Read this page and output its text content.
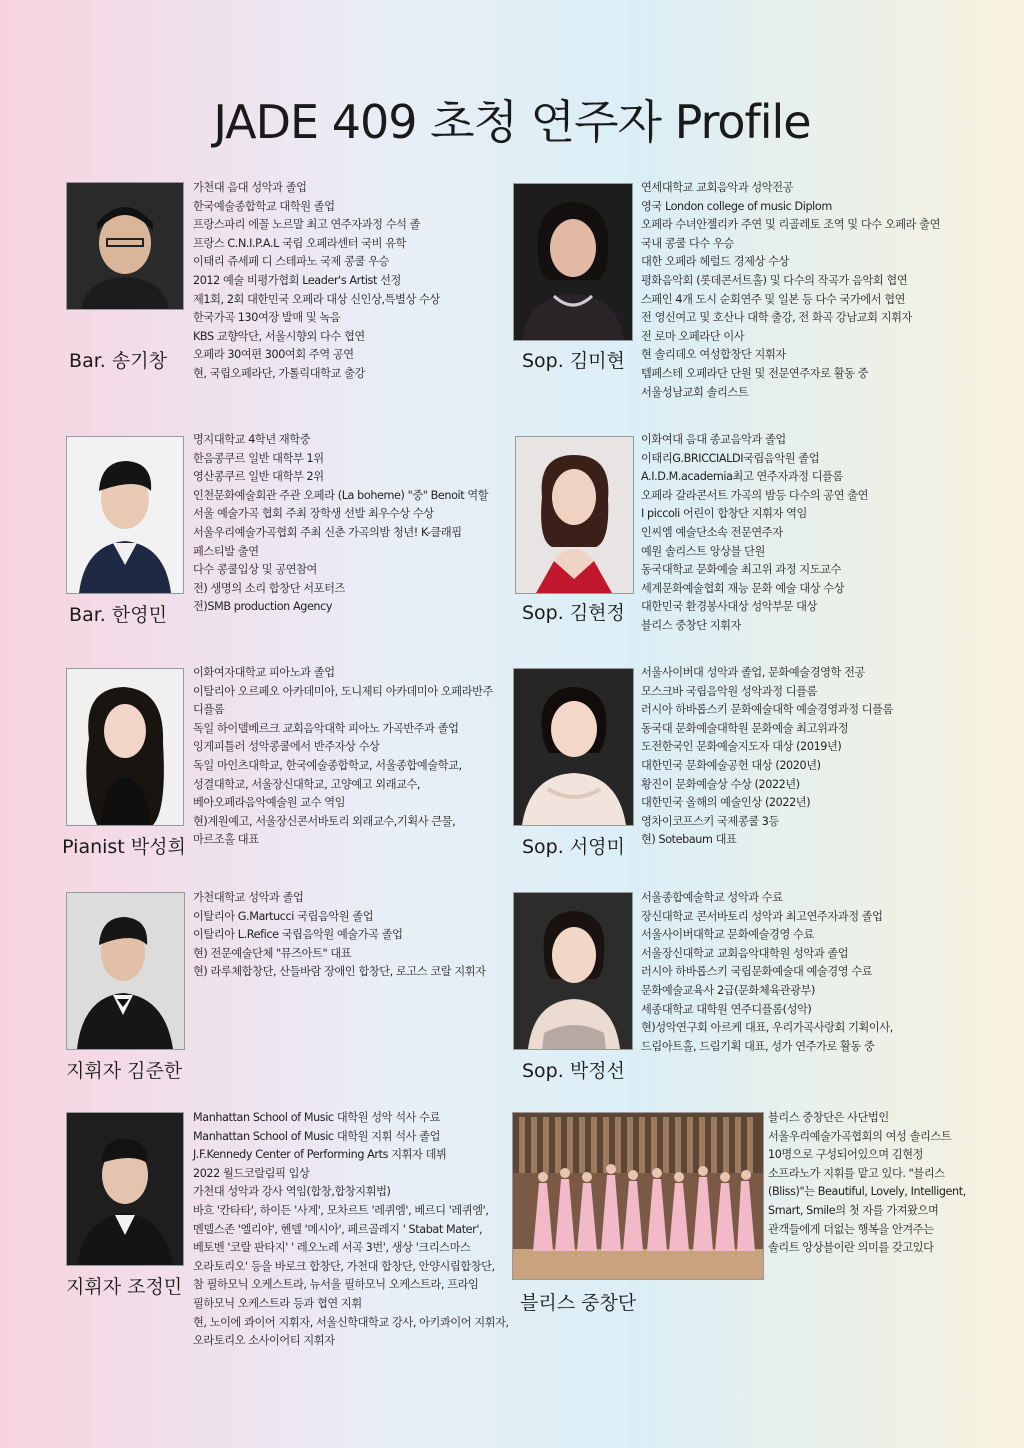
JADE 409 초청 연주자 Profile
Bar. 송기창
가천대 음대 성악과 졸업
한국예술종합학교 대학원 졸업
프랑스파리 에꼴 노르말 최고 연주자과정 수석 졸
프랑스 C.N.I.P.A.L 국립 오페라센터 국비 유학
이태리 쥬세페 디 스테파노 국제 콩쿨 우승
2012 예술 비평가협회 Leader's Artist 선정
제1회, 2회 대한민국 오페라 대상 신인상,특별상 수상
한국가곡 130여장 발매 및 녹음
KBS 교향악단, 서울시향외 다수 협연
오페라 30여편 300여회 주역 공연
현, 국립오페라단, 가톨릭대학교 출강
Sop. 김미현
연세대학교 교회음악과 성악전공
영국 London college of music Diplom
오페라 수녀안젤리카 주연 및 리골레토 조역 및 다수 오페라 출연
국내 콩쿨 다수 우승
대한 오페라 헤럴드 경제상 수상
평화음악회 (롯데콘서트홀) 및 다수의 작곡가 음악회 협연
스페인 4개 도시 순회연주 및 일본 등 다수 국가에서 협연
전 영신여고 및 호산나 대학 출강, 전 화곡 강남교회 지휘자
전 로마 오페라단 이사
현 솔리데오 여성합창단 지휘자
템페스테 오페라단 단원 및 전문연주자로 활동 중
서울성남교회 솔리스트
Bar. 한영민
명지대학교 4학년 재학중
한음콩쿠르 일반 대학부 1위
영산콩쿠르 일반 대학부 2위
인천문화예술회관 주관 오페라 (La boheme) "중" Benoit 역할
서울 예술가곡 협회 주최 장학생 선발 최우수상 수상
서울우리예술가곡협회 주최 신춘 가곡의밤 청년! K-클래핍
페스티발 출연
다수 콩쿨입상 및 공연참여
전) 생명의 소리 합창단 서포터즈
전)SMB production Agency	Sop. 김현정
이화여대 음대 종교음악과 졸업
이태리G.BRICCIALDI국립음악원 졸업
A.I.D.M.academia최고 연주자과정 디플롬
오페라 갈라콘서트 가곡의 밤등 다수의 공연 출연
I piccoli 어린이 합창단 지휘자 역임
인씨엠 예술단소속 전문연주자
예원 솔리스트 앙상블 단원
동국대학교 문화예술 최고위 과정 지도교수
세계문화예술협회 재능 문화 예술 대상 수상
대한민국 환경봉사대상 성악부문 대상
블리스 중창단 지휘자
Pianist 박성희
이화여자대학교 피아노과 졸업
이탈리아 오르페오 아카데미아, 도니제티 아카데미아 오페라반주
디플롬
독일 하이델베르크 교회음악대학 피아노 가곡반주과 졸업
잉게피틀러 성악콩쿨에서 반주자상 수상
독일 마인츠대학교, 한국예술종합학교, 서울종합예술학교,
성결대학교, 서울장신대학교, 고양예고 외래교수,
베아오페라음악예술원 교수 역임
현)계원예고, 서울장신콘서바토리 외래교수,기획사 큰물,
마르조홀 대표	Sop. 서영미
서울사이버대 성악과 졸업, 문화예술경영학 전공
모스크바 국립음악원 성악과정 디플롬
러시아 하바롭스키 문화예술대학 예술경영과정 디플롬
동국대 문화예술대학원 문화예술 최고위과정
도전한국인 문화예술지도자 대상 (2019년)
대한민국 문화예술공헌 대상 (2020년)
황진이 문화예술상 수상 (2022년)
대한민국 올해의 예술인상 (2022년)
영차이코프스키 국제콩쿨 3등
현) Sotebaum 대표
지휘자 김준한
가천대학교 성악과 졸업
이탈리아 G.Martucci 국립음악원 졸업
이탈리아 L.Refice 국립음악원 예술가곡 졸업
현) 전문예술단체 "뮤즈아트" 대표
현) 라루체합창단, 산들바람 장애인 합창단, 로고스 코랄 지휘자
Sop. 박정선
서울종합예술학교 성악과 수료
장신대학교 콘서바토리 성악과 최고연주자과정 졸업
서울사이버대학교 문화예술경영 수료
서울장신대학교 교회음악대학원 성악과 졸업
러시아 하바롭스키 국립문화예술대 예술경영 수료
문화예술교육사 2급(문화체육관광부)
세종대학교 대학원 연주디플롬(성악)
현)성악연구회 아르케 대표, 우리가곡사랑회 기획이사,
드림아트홀, 드림기획 대표, 성가 연주가로 활동 중
지휘자 조정민
Manhattan School of Music 대학원 성악 석사 수료
Manhattan School of Music 대학원 지휘 석사 졸업
J.F.Kennedy Center of Performing Arts 지휘자 데뷔
2022 월드코랄림픽 입상
가천대 성악과 강사 역임(합창,합창지휘법)
바흐 '칸타타', 하이든 '사계', 모차르트 '레퀴엠', 베르디 '레퀴엠',
멘델스존 '엘리야', 헨델 '메시아', 페르골레지 ' Stabat Mater',
베토벤 '코랄 판타지' ' 레오노레 서곡 3번', 생상 '크리스마스
오라토리오' 등을 바로크 합창단, 가천대 합창단, 안양시립합창단,
참 필하모닉 오케스트라, 뉴서울 필하모닉 오케스트라, 프라임
필하모닉 오케스트라 등과 협연 지휘
현, 노이에 콰이어 지휘자, 서울신학대학교 강사, 아키콰이어 지휘자,
오라토리오 소사이어티 지휘자
블리스 중창단
블리스 중창단은 사단법인
서울우리예술가곡협회의 여성 솔리스트
10명으로 구성되어있으며 김현정
소프라노가 지휘를 맡고 있다. "블리스
(Bliss)"는 Beautiful, Lovely, Intelligent,
Smart, Smile의 첫 자를 가져왔으며
관객들에게 더없는 행복을 안겨주는
솔리트 앙상블이란 의미를 갖고있다
